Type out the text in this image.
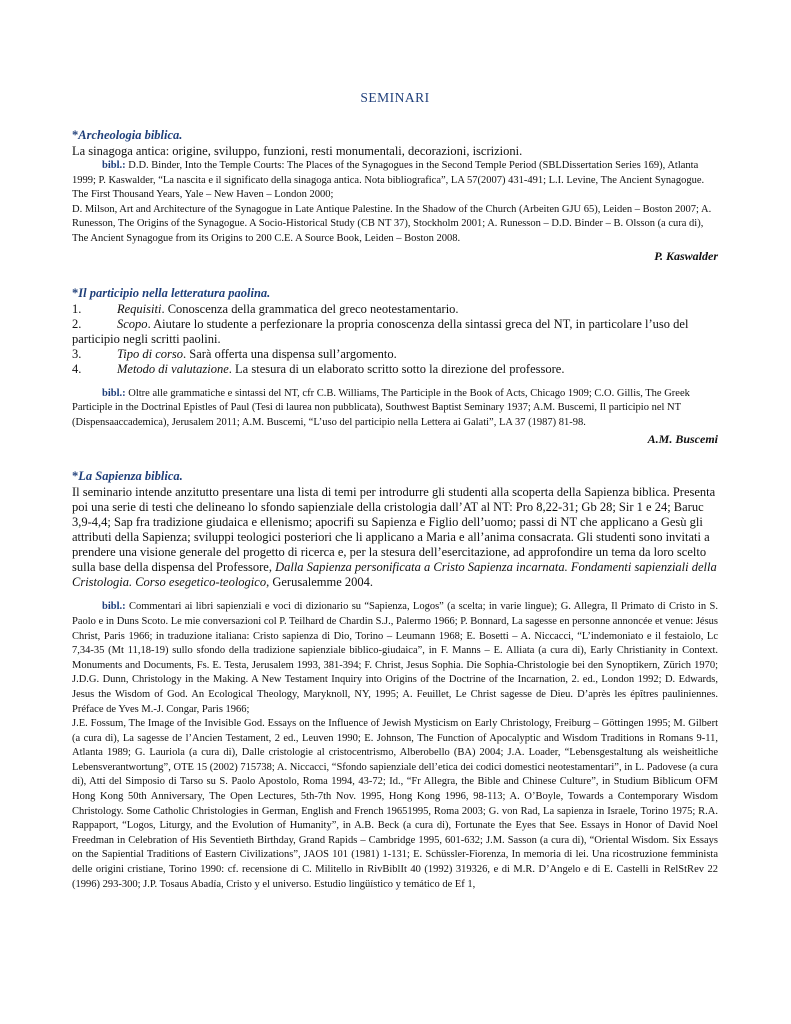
SEMINARI
*Archeologia biblica.

La sinagoga antica: origine, sviluppo, funzioni, resti monumentali, decorazioni, iscrizioni.

bibl.: D.D. Binder, Into the Temple Courts: The Places of the Synagogues in the Second Temple Period (SBLDissertation Series 169), Atlanta 1999; P. Kaswalder, “La nascita e il significato della sinagoga antica. Nota bibliografica”, LA 57(2007) 431-491; L.I. Levine, The Ancient Synagogue. The First Thousand Years, Yale – New Haven – London 2000;

D. Milson, Art and Architecture of the Synagogue in Late Antique Palestine. In the Shadow of the Church (Arbeiten GJU 65), Leiden – Boston 2007; A. Runesson, The Origins of the Synagogue. A Socio-Historical Study (CB NT 37), Stockholm 2001; A. Runesson – D.D. Binder – B. Olsson (a cura di), The Ancient Synagogue from its Origins to 200 C.E. A Source Book, Leiden – Boston 2008.

P. Kaswalder
*Il participio nella letteratura paolina.
1.	Requisiti. Conoscenza della grammatica del greco neotestamentario.
2.	Scopo. Aiutare lo studente a perfezionare la propria conoscenza della sintassi greca del NT, in particolare l’uso del participio negli scritti paolini.
3.	Tipo di corso. Sarà offerta una dispensa sull’argomento.
4.	Metodo di valutazione. La stesura di un elaborato scritto sotto la direzione del professore.

bibl.: Oltre alle grammatiche e sintassi del NT, cfr C.B. Williams, The Participle in the Book of Acts, Chicago 1909; C.O. Gillis, The Greek Participle in the Doctrinal Epistles of Paul (Tesi di laurea non pubblicata), Southwest Baptist Seminary 1937; A.M. Buscemi, Il participio nel NT (Dispensaaccademica), Jerusalem 2011; A.M. Buscemi, “L’uso del participio nella Lettera ai Galati”, LA 37 (1987) 81-98.

A.M. Buscemi
*La Sapienza biblica.

Il seminario intende anzitutto presentare una lista di temi per introdurre gli studenti alla scoperta della Sapienza biblica. Presenta poi una serie di testi che delineano lo sfondo sapienziale della cristologia dall’AT al NT: Pro 8,22-31; Gb 28; Sir 1 e 24; Baruc 3,9-4,4; Sap fra tradizione giudaica e ellenismo; apocrifi su Sapienza e Figlio dell’uomo; passi di NT che applicano a Gesù gli attributi della Sapienza; sviluppi teologici posteriori che li applicano a Maria e all’anima consacrata. Gli studenti sono invitati a prendere una visione generale del progetto di ricerca e, per la stesura dell’esercitazione, ad approfondire un tema da loro scelto sulla base della dispensa del Professore, Dalla Sapienza personificata a Cristo Sapienza incarnata. Fondamenti sapienziali della Cristologia. Corso esegetico-teologico, Gerusalemme 2004.

bibl.: Commentari ai libri sapienziali e voci di dizionario su “Sapienza, Logos” (a scelta; in varie lingue); G. Allegra, Il Primato di Cristo in S. Paolo e in Duns Scoto. Le mie conversazioni col P. Teilhard de Chardin S.J., Palermo 1966; P. Bonnard, La sagesse en personne annoncée et venue: Jésus Christ, Paris 1966; in traduzione italiana: Cristo sapienza di Dio, Torino – Leumann 1968; E. Bosetti – A. Niccacci, “L’indemoniato e il festaiolo, Lc 7,34-35 (Mt 11,18-19) sullo sfondo della tradizione sapienziale biblico-giudaica”, in F. Manns – E. Alliata (a cura di), Early Christianity in Context. Monuments and Documents, Fs. E. Testa, Jerusalem 1993, 381-394; F. Christ, Jesus Sophia. Die Sophia-Christologie bei den Synoptikern, Zürich 1970; J.D.G. Dunn, Christology in the Making. A New Testament Inquiry into Origins of the Doctrine of the Incarnation, 2. ed., London 1992; D. Edwards, Jesus the Wisdom of God. An Ecological Theology, Maryknoll, NY, 1995; A. Feuillet, Le Christ sagesse de Dieu. D’après les épîtres pauliniennes. Préface de Yves M.-J. Congar, Paris 1966;

J.E. Fossum, The Image of the Invisible God. Essays on the Influence of Jewish Mysticism on Early Christology, Freiburg – Göttingen 1995; M. Gilbert (a cura di), La sagesse de l’Ancien Testament, 2 ed., Leuven 1990; E. Johnson, The Function of Apocalyptic and Wisdom Traditions in Romans 9-11, Atlanta 1989; G. Lauriola (a cura di), Dalle cristologie al cristocentrismo, Alberobello (BA) 2004; J.A. Loader, “Lebensgestaltung als weisheitliche Lebensverantwortung”, OTE 15 (2002) 715738; A. Niccacci, “Sfondo sapienziale dell’etica dei codici domestici neotestamentari”, in L. Padovese (a cura di), Atti del Simposio di Tarso su S. Paolo Apostolo, Roma 1994, 43-72; Id., “Fr Allegra, the Bible and Chinese Culture”, in Studium Biblicum OFM Hong Kong 50th Anniversary, The Open Lectures, 5th-7th Nov. 1995, Hong Kong 1996, 98-113; A. O’Boyle, Towards a Contemporary Wisdom Christology. Some Catholic Christologies in German, English and French 19651995, Roma 2003; G. von Rad, La sapienza in Israele, Torino 1975; R.A. Rappaport, “Logos, Liturgy, and the Evolution of Humanity”, in A.B. Beck (a cura di), Fortunate the Eyes that See. Essays in Honor of David Noel Freedman in Celebration of His Seventieth Birthday, Grand Rapids – Cambridge 1995, 601-632; J.M. Sasson (a cura di), “Oriental Wisdom. Six Essays on the Sapiential Traditions of Eastern Civilizations”, JAOS 101 (1981) 1-131; E. Schüssler-Fiorenza, In memoria di lei. Una ricostruzione femminista delle origini cristiane, Torino 1990: cf. recensione di C. Militello in RivBiblIt 40 (1992) 319326, e di M.R. D’Angelo e di E. Castelli in RelStRev 22 (1996) 293-300; J.P. Tosaus Abadía, Cristo y el universo. Estudio lingüístico y temático de Ef 1,
